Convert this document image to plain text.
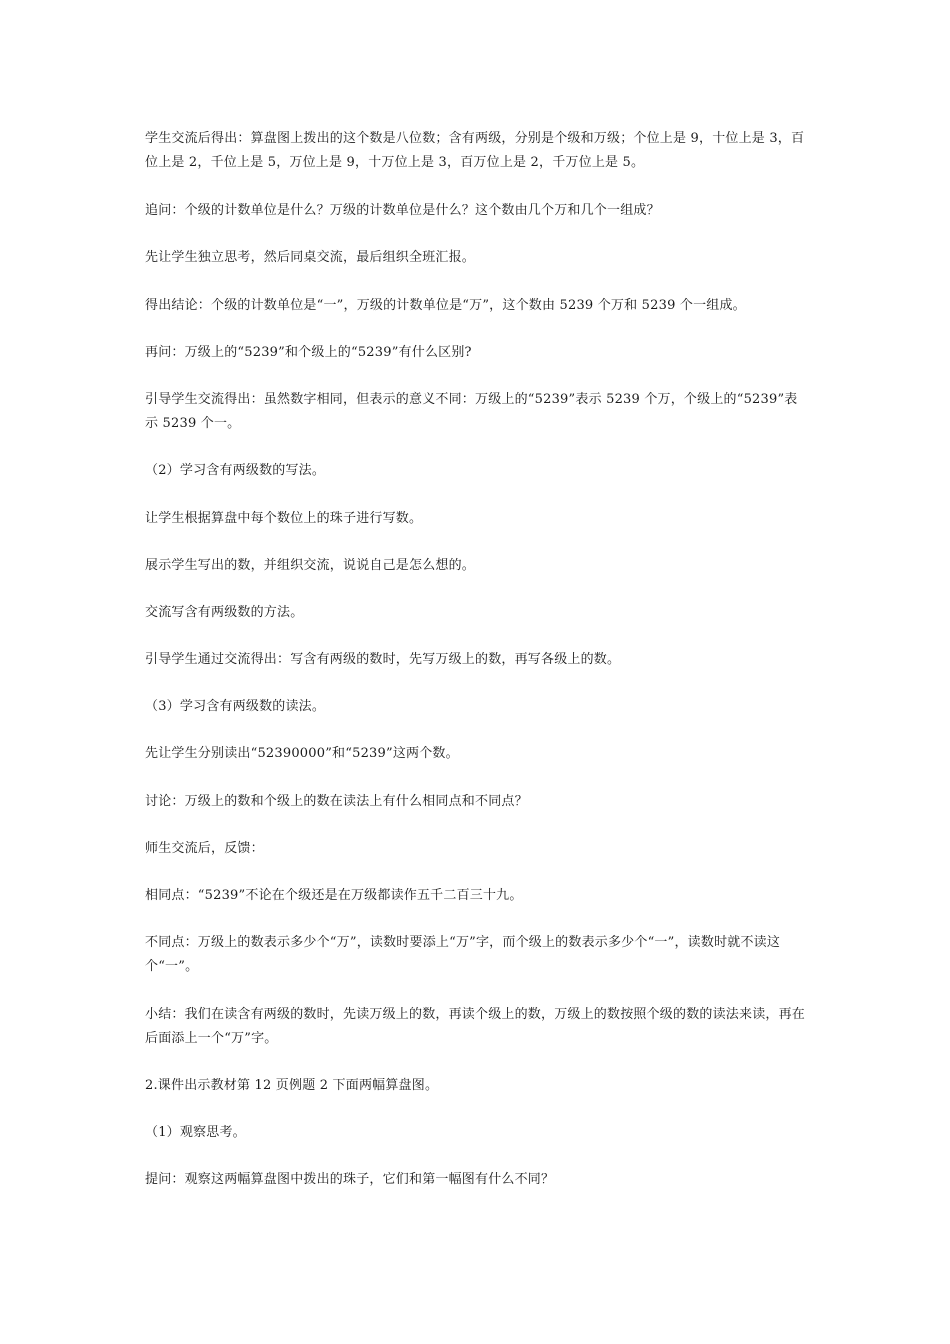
学生交流后得出：算盘图上拨出的这个数是八位数；含有两级，分别是个级和万级；个位上是 9，十位上是 3，百位上是 2，千位上是 5，万位上是 9，十万位上是 3，百万位上是 2，千万位上是 5。

追问：个级的计数单位是什么？万级的计数单位是什么？这个数由几个万和几个一组成？

先让学生独立思考，然后同桌交流，最后组织全班汇报。

得出结论：个级的计数单位是“一”，万级的计数单位是“万”，这个数由 5239 个万和 5239 个一组成。

再问：万级上的“5239”和个级上的“5239”有什么区别?

引导学生交流得出：虽然数字相同，但表示的意义不同：万级上的“5239”表示 5239 个万，个级上的“5239”表示 5239 个一。

（2）学习含有两级数的写法。

让学生根据算盘中每个数位上的珠子进行写数。

展示学生写出的数，并组织交流，说说自己是怎么想的。

交流写含有两级数的方法。

引导学生通过交流得出：写含有两级的数时，先写万级上的数，再写各级上的数。

（3）学习含有两级数的读法。

先让学生分别读出“52390000”和“5239”这两个数。

讨论：万级上的数和个级上的数在读法上有什么相同点和不同点？

师生交流后，反馈：

相同点：“5239”不论在个级还是在万级都读作五千二百三十九。

不同点：万级上的数表示多少个“万”，读数时要添上“万”字，而个级上的数表示多少个“一”，读数时就不读这个“一”。

小结：我们在读含有两级的数时，先读万级上的数，再读个级上的数，万级上的数按照个级的数的读法来读，再在后面添上一个“万”字。

2.课件出示教材第 12 页例题 2 下面两幅算盘图。

（1）观察思考。

提问：观察这两幅算盘图中拨出的珠子，它们和第一幅图有什么不同？
